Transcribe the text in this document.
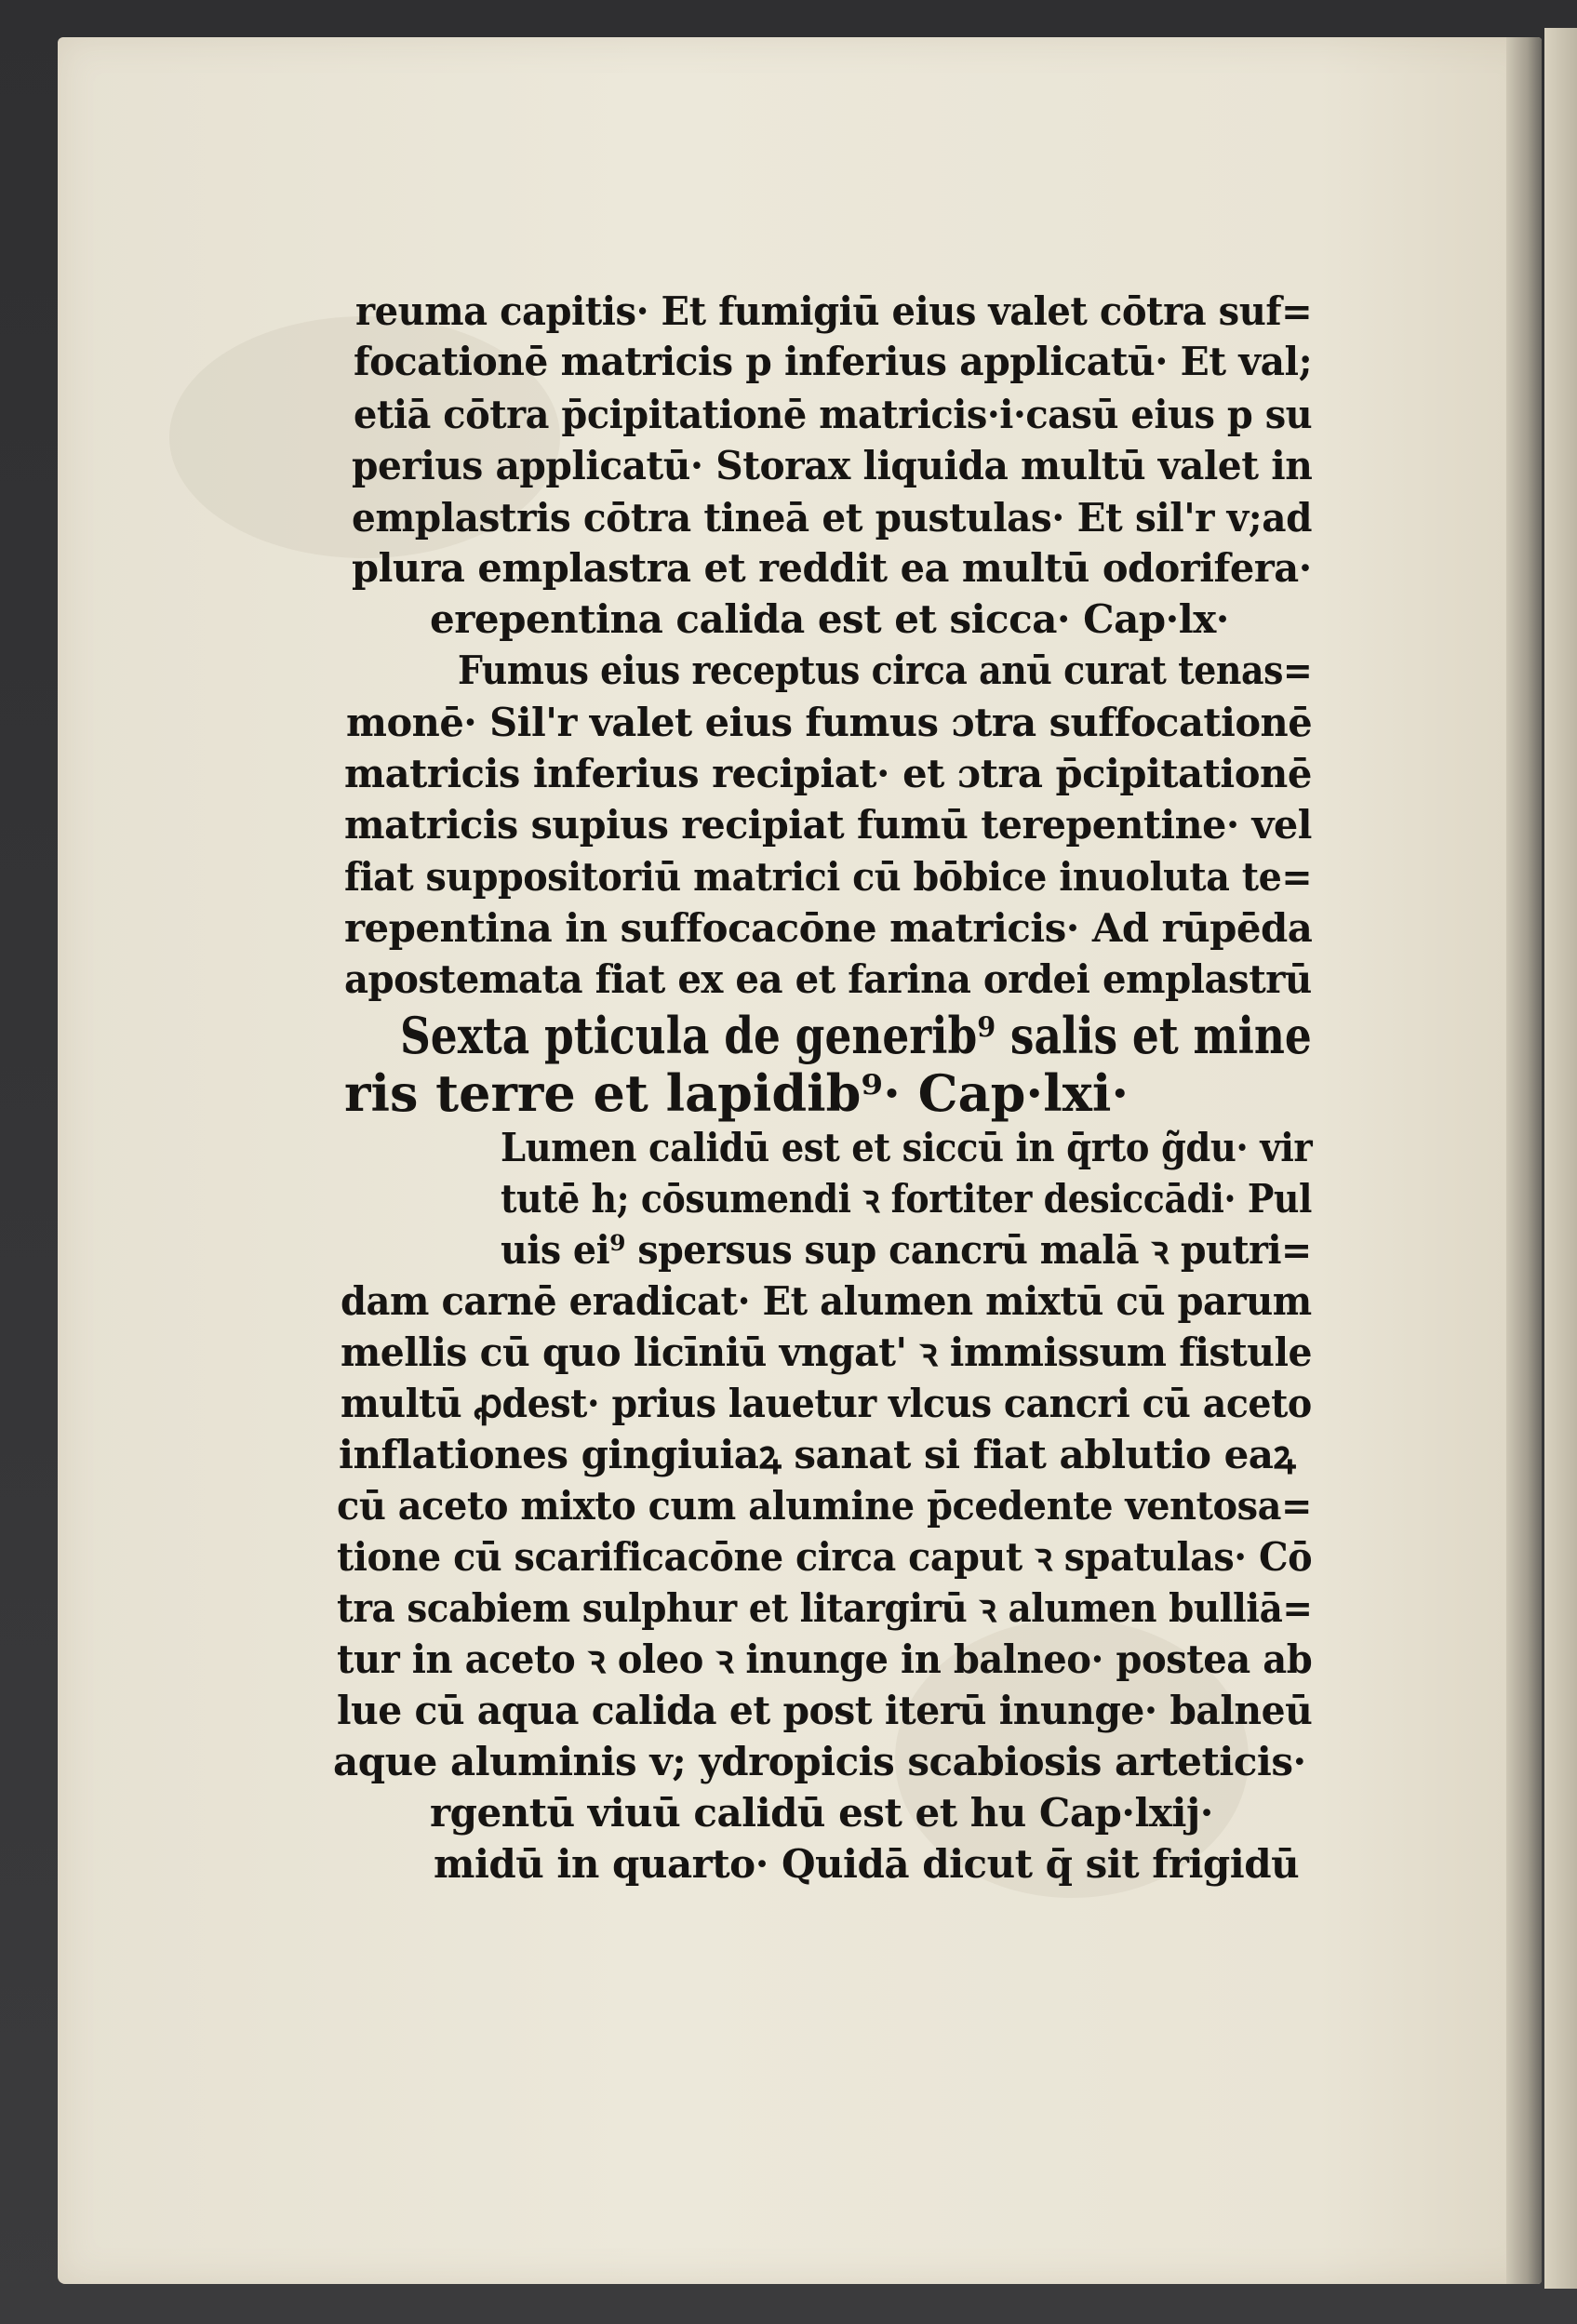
reuma capitis· Et fumigiū eius valet cōtra suf=
focationē matricis p inferius applicatū· Et val;
etiā cōtra p̄cipitationē matricis·i·casū eius p su
perius applicatū· Storax liquida multū valet in
emplastris cōtra tineā et pustulas· Et sil'r v;ad
plura emplastra et reddit ea multū odorifera·
erepentina calida est et sicca· Cap·lx·
Fumus eius receptus circa anū curat tenas=
monē· Sil'r valet eius fumus ɔtra suffocationē
matricis inferius recipiat· et ɔtra p̄cipitationē
matricis supius recipiat fumū terepentine· vel
fiat suppositoriū matrici cū bōbice inuoluta te=
repentina in suffocacōne matricis· Ad rūpēda
apostemata fiat ex ea et farina ordei emplastrū
Sexta pticula de generib⁹ salis et mine
ris terre et lapidib⁹· Cap·lxi·
Lumen calidū est et siccū in q̄rto g̃du· vir
tutē h; cōsumendi ꝛ fortiter desiccādi· Pul
uis ei⁹ spersus sup cancrū malā ꝛ putri=
dam carnē eradicat· Et alumen mixtū cū parum
mellis cū quo licīniū vngat' ꝛ immissum fistule
multū ꝓdest· prius lauetur vlcus cancri cū aceto
inflationes gingiuiaꝝ sanat si fiat ablutio eaꝝ
cū aceto mixto cum alumine p̄cedente ventosa=
tione cū scarificacōne circa caput ꝛ spatulas· Cō
tra scabiem sulphur et litargirū ꝛ alumen bulliā=
tur in aceto ꝛ oleo ꝛ inunge in balneo· postea ab
lue cū aqua calida et post iterū inunge· balneū
aque aluminis v; ydropicis scabiosis arteticis·
rgentū viuū calidū est et hu Cap·lxij·
midū in quarto· Quidā dicut q̄ sit frigidū
